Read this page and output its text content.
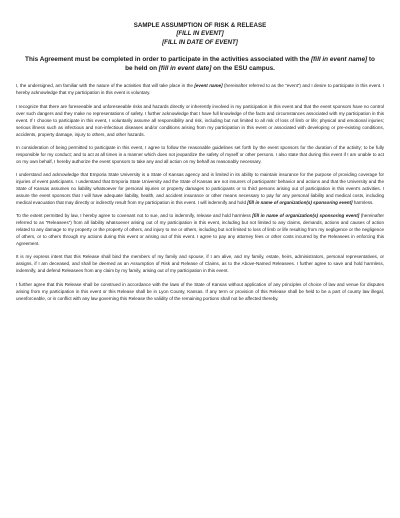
SAMPLE ASSUMPTION OF RISK & RELEASE
[FILL IN EVENT]
[FILL IN DATE OF EVENT]
This Agreement must be completed in order to participate in the activities associated with the [fill in event name] to be held on [fill in event date] on the ESU campus.

I, the undersigned, am familiar with the nature of the activities that will take place in the [event name] (hereinafter referred to as the “event”) and I desire to participate in this event. I hereby acknowledge that my participation in this event is voluntary.

I recognize that there are foreseeable and unforeseeable risks and hazards directly or inherently involved in my participation in this event and that the event sponsors have no control over such dangers and they make no representations of safety. I further acknowledge that I have full knowledge of the facts and circumstances associated with my participation in this event. If I choose to participate in this event, I voluntarily assume all responsibility and risk, including but not limited to all risk of loss of limb or life; physical and emotional injuries; serious illness such as infectious and non-infectious diseases and/or conditions arising from my participation in this event or associated with developing or pre-existing conditions, accidents, property damage, injury to others, and other hazards.

In consideration of being permitted to participate in this event, I agree to follow the reasonable guidelines set forth by the event sponsors for the duration of the activity; to be fully responsible for my conduct; and to act at all times in a manner which does not jeopardize the safety of myself or other persons. I also state that during this event if I am unable to act on my own behalf, I hereby authorize the event sponsors to take any and all action on my behalf as reasonably necessary.

I understand and acknowledge that Emporia State University is a State of Kansas agency and is limited in its ability to maintain insurance for the purpose of providing coverage for injuries of event participants. I understand that Emporia State University and the State of Kansas are not insurers of participants’ behavior and actions and that the University and the State of Kansas assumes no liability whatsoever for personal injuries or property damages to participants or to third persons arising out of participation in this event’s activities. I assure the event sponsors that I will have adequate liability, health, and accident insurance or other means necessary to pay for any personal liability and medical costs, including medical evacuation that may directly or indirectly result from my participation in this event. I will indemnify and hold [fill in name of organization(s) sponsoring event] harmless.

To the extent permitted by law, I hereby agree to covenant not to sue, and to indemnify, release and hold harmless [fill in name of organization(s) sponsoring event] (hereinafter referred to as “Releasees”) from all liability whatsoever arising out of my participation in this event, including but not limited to any claims, demands, actions and causes of action related to any damage to my property or the property of others, and injury to me or others, including but not limited to loss of limb or life resulting from my negligence or the negligence of others, or to others through my actions during this event or arising out of this event. I agree to pay any attorney fees or other costs incurred by the Releasees in enforcing this Agreement.

It is my express intent that this Release shall bind the members of my family and spouse, if I am alive, and my family, estate, heirs, administrators, personal representatives, or assigns, if I am deceased, and shall be deemed as an Assumption of Risk and Release of Claims, as to the Above-Named Releasees. I further agree to save and hold harmless, indemnify, and defend Releasees from any claim by my family, arising out of my participation in this event.

I further agree that this Release shall be construed in accordance with the laws of the State of Kansas without application of any principles of choice of law and venue for disputes arising from my participation in this event or this Release shall be in Lyon County, Kansas. If any term or provision of this Release shall be held to be a part of county law illegal, unenforceable, or in conflict with any law governing this Release the validity of the remaining portions shall not be affected thereby.
